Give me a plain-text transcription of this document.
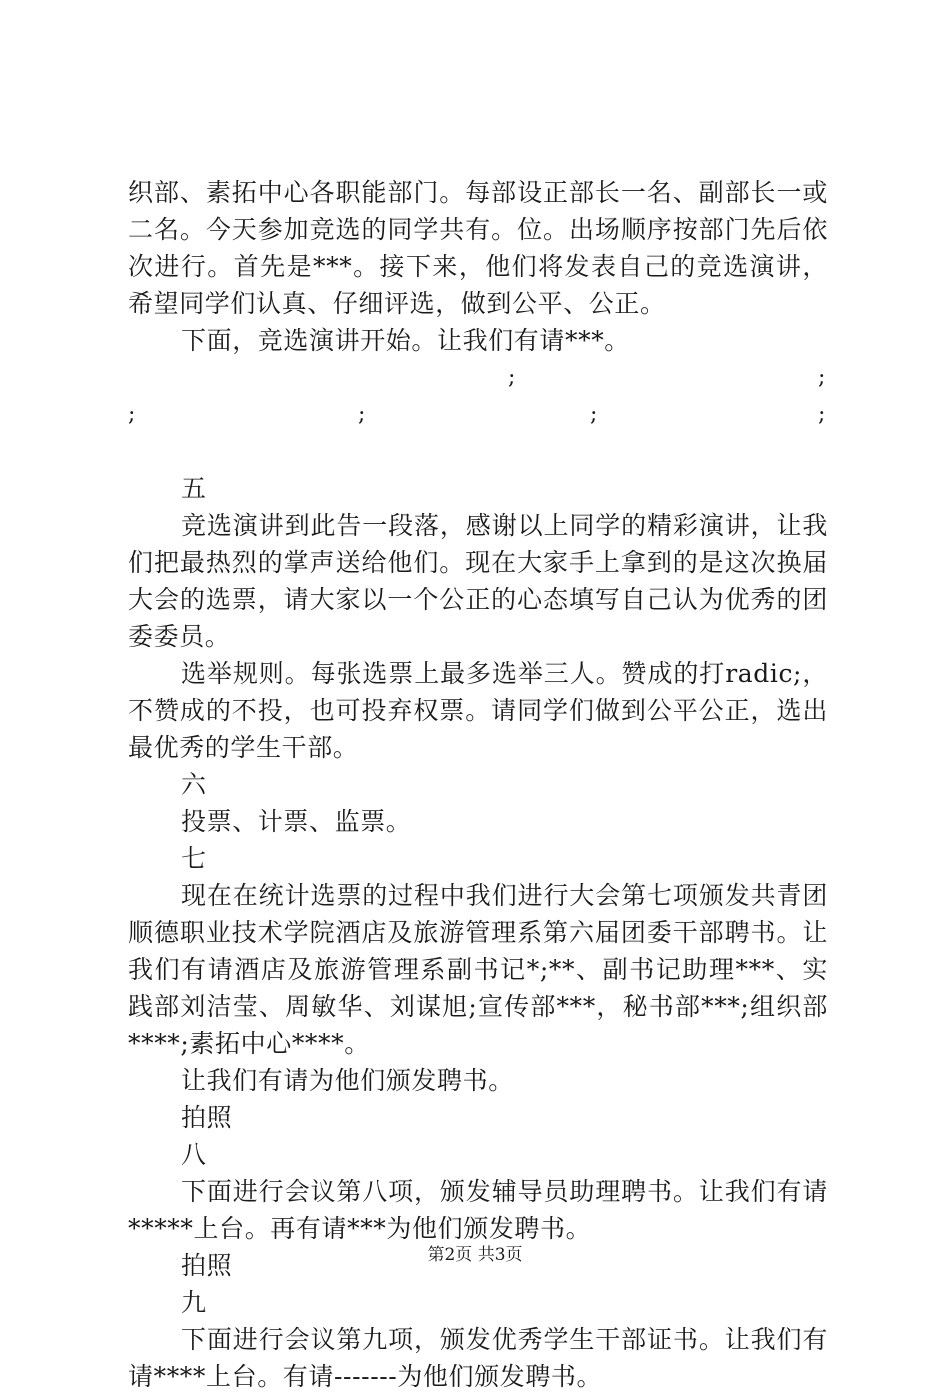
织部、素拓中心各职能部门。每部设正部长一名、副部长一或二名。今天参加竞选的同学共有。位。出场顺序按部门先后依次进行。首先是***。接下来，他们将发表自己的竞选演讲，希望同学们认真、仔细评选，做到公平、公正。

下面，竞选演讲开始。让我们有请***。

;	;
;	;	;	;

五

竞选演讲到此告一段落，感谢以上同学的精彩演讲，让我们把最热烈的掌声送给他们。现在大家手上拿到的是这次换届大会的选票，请大家以一个公正的心态填写自己认为优秀的团委委员。

选举规则。每张选票上最多选举三人。赞成的打radic;，不赞成的不投，也可投弃权票。请同学们做到公平公正，选出最优秀的学生干部。

六

投票、计票、监票。

七

现在在统计选票的过程中我们进行大会第七项颁发共青团顺德职业技术学院酒店及旅游管理系第六届团委干部聘书。让我们有请酒店及旅游管理系副书记*;**、副书记助理***、实践部刘洁莹、周敏华、刘谋旭;宣传部***，秘书部***;组织部****;素拓中心****。

让我们有请为他们颁发聘书。

拍照

八

下面进行会议第八项，颁发辅导员助理聘书。让我们有请*****上台。再有请***为他们颁发聘书。

拍照

九

下面进行会议第九项，颁发优秀学生干部证书。让我们有请****上台。有请-------为他们颁发聘书。

第2页 共3页
